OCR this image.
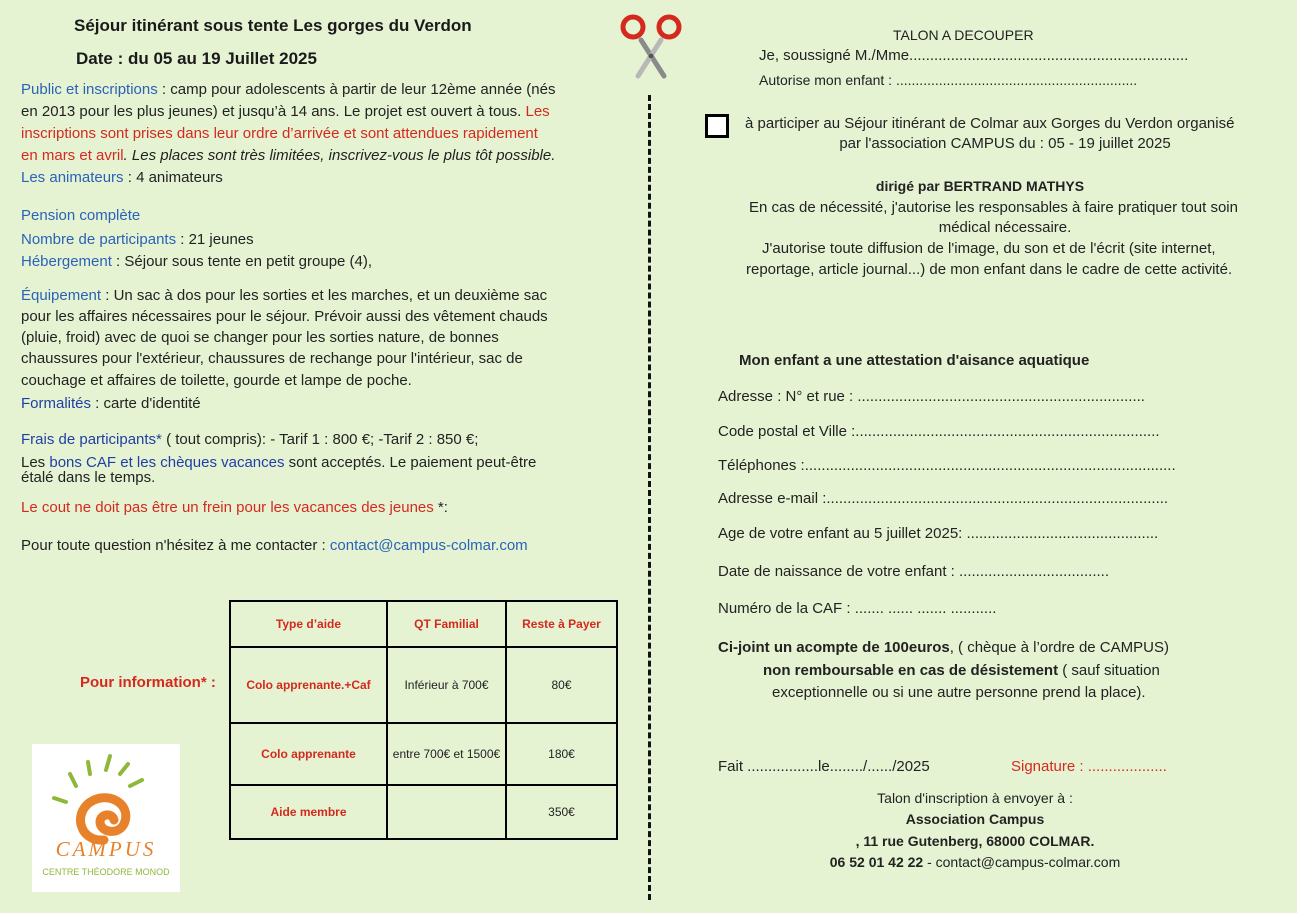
Séjour itinérant sous tente Les gorges du Verdon
Date : du 05 au 19 Juillet 2025
Public et inscriptions : camp pour adolescents à partir de leur 12ème année (nés
en 2013 pour les plus jeunes) et jusqu’à 14 ans. Le projet est ouvert à tous. Les
inscriptions sont prises dans leur ordre d’arrivée et sont attendues rapidement
en mars et avril. Les places sont très limitées, inscrivez-vous le plus tôt possible.
Les animateurs : 4 animateurs
Pension complète
Nombre de participants : 21 jeunes
Hébergement : Séjour sous tente en petit groupe (4),
Équipement : Un sac à dos pour les sorties et les marches, et un deuxième sac
pour les affaires nécessaires pour le séjour. Prévoir aussi des vêtement chauds
(pluie, froid) avec de quoi se changer pour les sorties nature, de bonnes
chaussures pour l'extérieur, chaussures de rechange pour l'intérieur, sac de
couchage et affaires de toilette, gourde et lampe de poche.
Formalités : carte d'identité
Frais de participants* ( tout compris): - Tarif 1 : 800 €; -Tarif 2 : 850 €;
Les bons CAF et les chèques vacances sont acceptés. Le paiement peut-être
étalé dans le temps.
Le cout ne doit pas être un frein pour les vacances des jeunes *:
Pour toute question n'hésitez à me contacter : contact@campus-colmar.com
Pour information* :
Type d’aide	QT Familial	Reste à Payer
Colo apprenante.+Caf	Inférieur à 700€	80€
Colo apprenante	entre 700€ et 1500€	180€
Aide membre		350€
CAMPUS
CENTRE THÉODORE MONOD
TALON A DECOUPER
Je, soussigné M./Mme...................................................................
Autorise mon enfant : ..............................................................
à participer au Séjour itinérant de Colmar aux Gorges du Verdon organisé
par l'association CAMPUS du : 05 - 19 juillet 2025
dirigé par BERTRAND MATHYS
En cas de nécessité, j'autorise les responsables à faire pratiquer tout soin
médical nécessaire.
J'autorise toute diffusion de l'image, du son et de l'écrit (site internet,
reportage, article journal...) de mon enfant dans le cadre de cette activité.
Mon enfant a une attestation d'aisance aquatique
Adresse : N° et rue : .....................................................................
Code postal et Ville :.........................................................................
Téléphones :.........................................................................................
Adresse e-mail :..................................................................................
Age de votre enfant au 5 juillet 2025: ..............................................
Date de naissance de votre enfant : ....................................
Numéro de la CAF : ....... ...... ....... ...........
Ci-joint un acompte de 100euros, ( chèque à l’ordre de CAMPUS)
non remboursable en cas de désistement ( sauf situation
exceptionnelle ou si une autre personne prend la place).
Fait .................le......../....../2025	Signature : ...................
Talon d'inscription à envoyer à :
Association Campus
, 11 rue Gutenberg, 68000 COLMAR.
06 52 01 42 22 - contact@campus-colmar.com
